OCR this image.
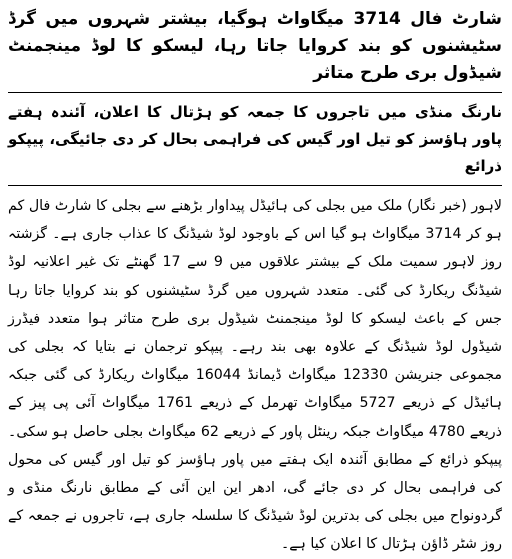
شارٹ فال 3714 میگاواٹ ہوگیا، بیشتر شہروں میں گرڈ سٹیشنوں کو بند کروایا جاتا رہا، لیسکو کا لوڈ مینجمنٹ شیڈول بری طرح متاثر

نارنگ منڈی میں تاجروں کا جمعہ کو ہڑتال کا اعلان، آئندہ ہفتے پاور ہاؤسز کو تیل اور گیس کی فراہمی بحال کر دی جائیگی، پیپکو ذرائع

لاہور (خبر نگار) ملک میں بجلی کی ہائیڈل پیداوار بڑھنے سے بجلی کا شارٹ فال کم ہو کر 3714 میگاواٹ ہو گیا اس کے باوجود لوڈ شیڈنگ کا عذاب جاری ہے۔ گزشتہ روز لاہور سمیت ملک کے بیشتر علاقوں میں 9 سے 17 گھنٹے تک غیر اعلانیہ لوڈ شیڈنگ ریکارڈ کی گئی۔ متعدد شہروں میں گرڈ سٹیشنوں کو بند کروایا جاتا رہا جس کے باعث لیسکو کا لوڈ مینجمنٹ شیڈول بری طرح متاثر ہوا متعدد فیڈرز شیڈول لوڈ شیڈنگ کے علاوہ بھی بند رہے۔ پیپکو ترجمان نے بتایا کہ بجلی کی مجموعی جنریشن 12330 میگاواٹ ڈیمانڈ 16044 میگاواٹ ریکارڈ کی گئی جبکہ ہائیڈل کے ذریعے 5727 میگاواٹ تھرمل کے ذریعے 1761 میگاواٹ آئی پی پیز کے ذریعے 4780 میگاواٹ جبکہ رینٹل پاور کے ذریعے 62 میگاواٹ بجلی حاصل ہو سکی۔ پیپکو ذرائع کے مطابق آئندہ ایک ہفتے میں پاور ہاؤسز کو تیل اور گیس کی محول کی فراہمی بحال کر دی جائے گی، ادھر این این آئی کے مطابق نارنگ منڈی و گردونواح میں بجلی کی بدترین لوڈ شیڈنگ کا سلسلہ جاری ہے، تاجروں نے جمعہ کے روز شٹر ڈاؤن ہڑتال کا اعلان کیا ہے۔
